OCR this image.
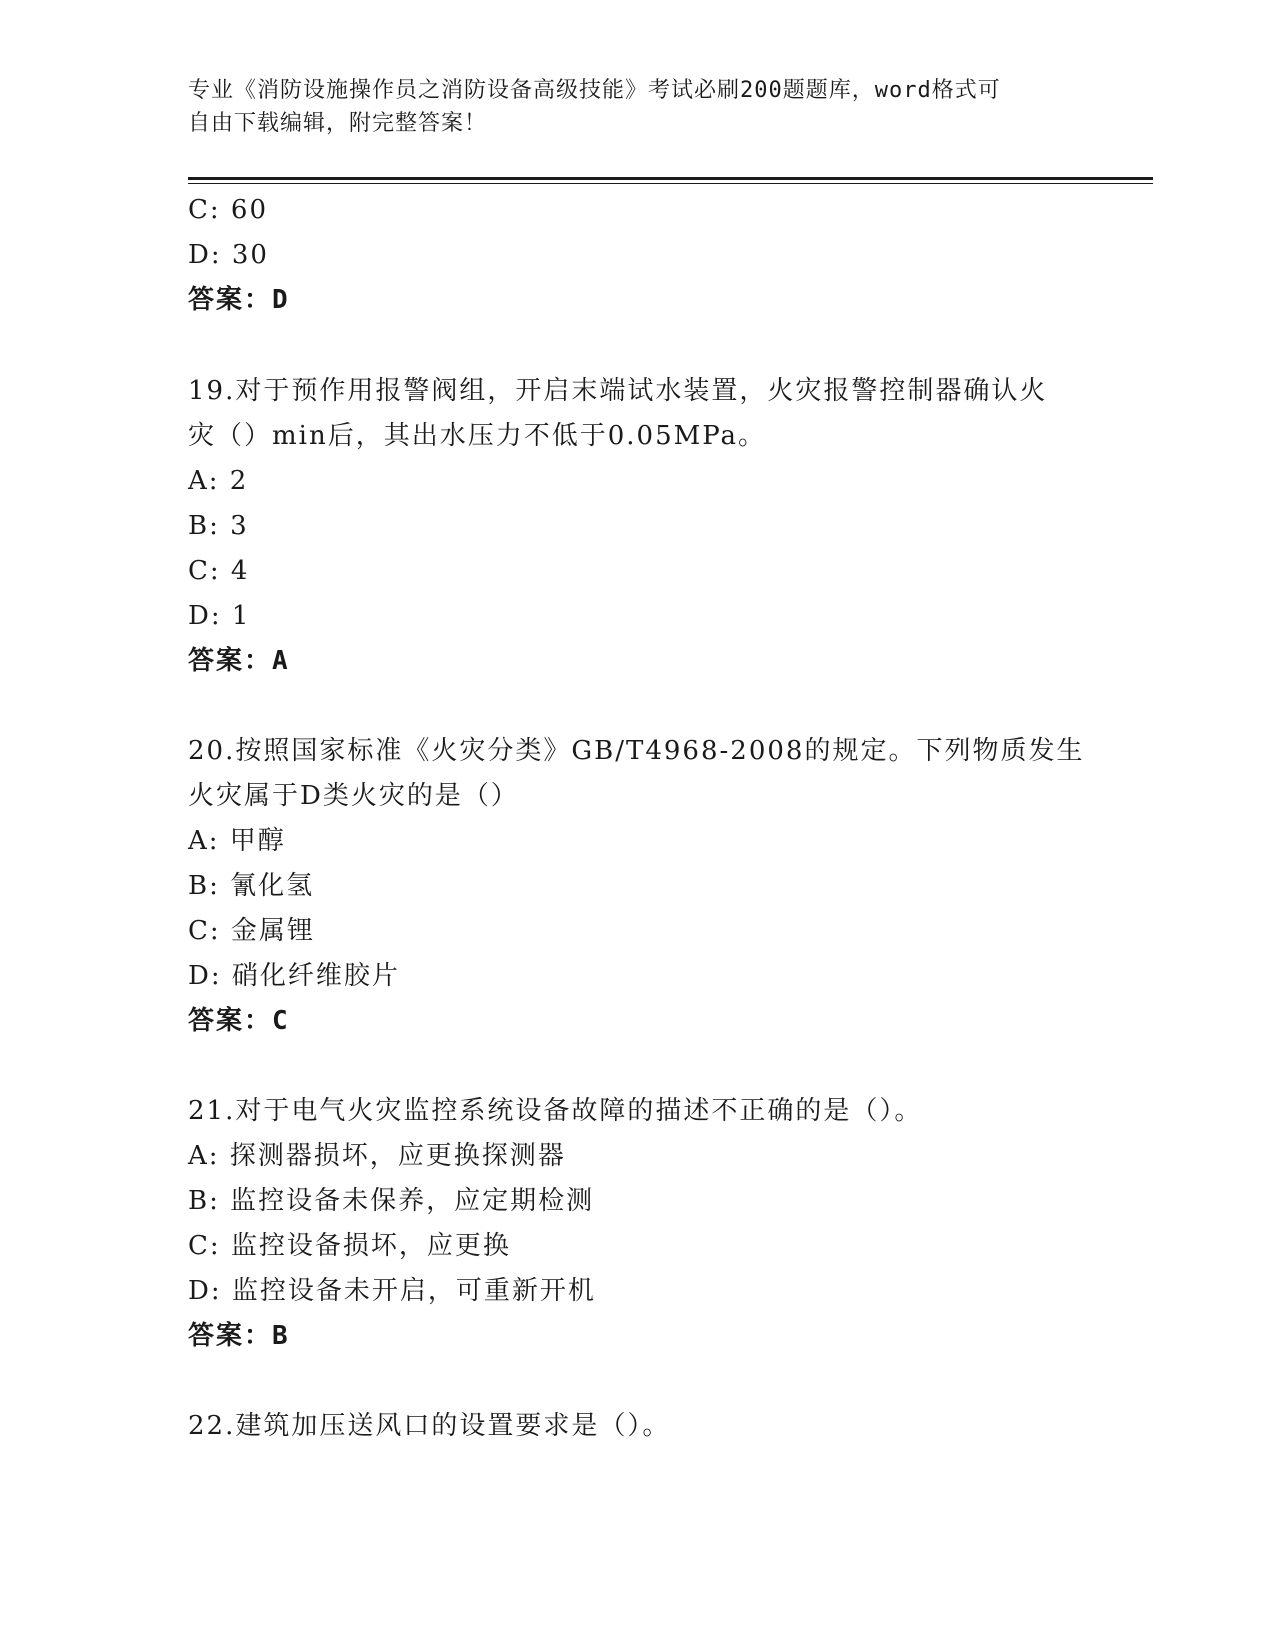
专业《消防设施操作员之消防设备高级技能》考试必刷200题题库，word格式可
自由下载编辑，附完整答案！
C: 60
D: 30
答案：D
19.对于预作用报警阀组，开启末端试水装置，火灾报警控制器确认火
灾（）min后，其出水压力不低于0.05MPa。
A: 2
B: 3
C: 4
D: 1
答案：A
20.按照国家标准《火灾分类》GB/T4968-2008的规定。下列物质发生
火灾属于D类火灾的是（）
A: 甲醇
B: 氰化氢
C: 金属锂
D: 硝化纤维胶片
答案：C
21.对于电气火灾监控系统设备故障的描述不正确的是（）。
A: 探测器损坏，应更换探测器
B: 监控设备未保养，应定期检测
C: 监控设备损坏，应更换
D: 监控设备未开启，可重新开机
答案：B
22.建筑加压送风口的设置要求是（）。
